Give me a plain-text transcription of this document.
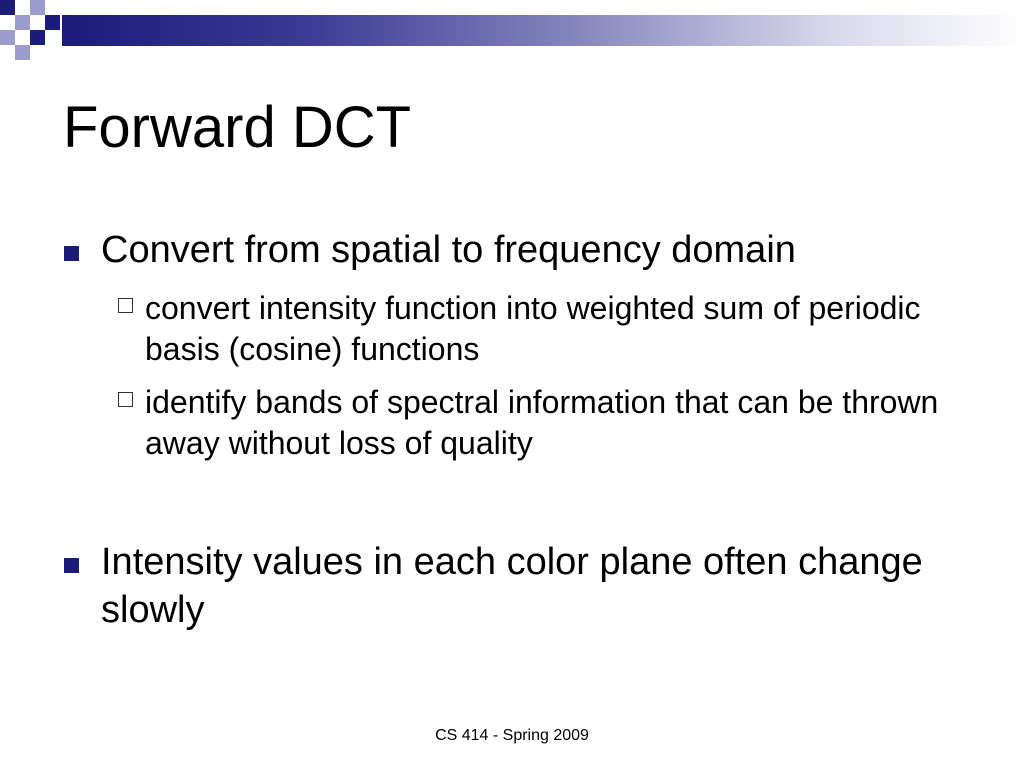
Forward DCT
Convert from spatial to frequency domain
convert intensity function into weighted sum of periodic basis (cosine) functions
identify bands of spectral information that can be thrown away without loss of quality
Intensity values in each color plane often change slowly
CS 414 - Spring 2009
